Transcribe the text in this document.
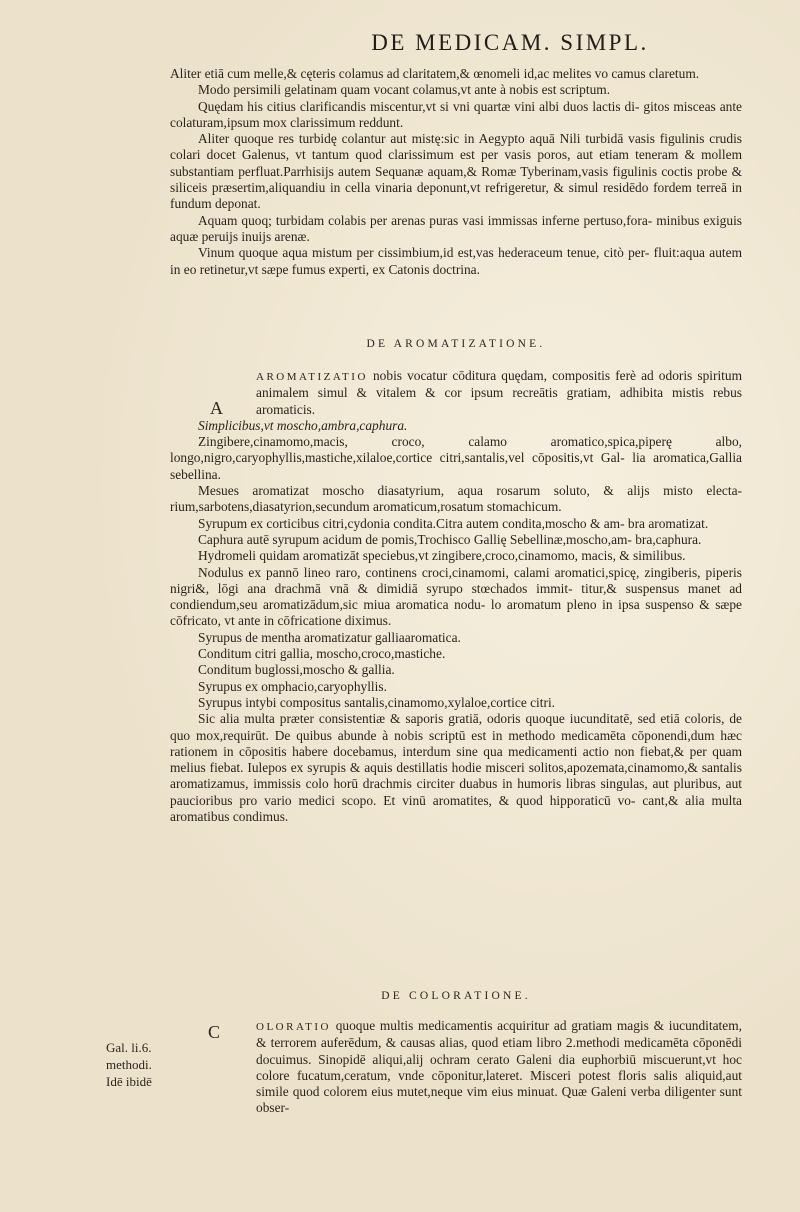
DE MEDICAM. SIMPL.

Aliter etiā cum melle,& cęteris colamus ad claritatem,& œnomeli id,ac melites vo camus claretum.

Modo persimili gelatinam quam vocant colamus,vt ante à nobis est scriptum.

Quędam his citius clarificandis miscentur,vt si vni quartæ vini albi duos lactis di- gitos misceas ante colaturam,ipsum mox clarissimum reddunt.

Aliter quoque res turbidę colantur aut mistę:sic in Aegypto aquā Nili turbidā vasis figulinis crudis colari docet Galenus, vt tantum quod clarissimum est per vasis poros, aut etiam teneram & mollem substantiam perfluat.Parrhisijs autem Sequanæ aquam,& Romæ Tyberinam,vasis figulinis coctis probe & siliceis præsertim,aliquandiu in cella vinaria deponunt,vt refrigeretur, & simul residēdo fordem terreā in fundum deponat.

Aquam quoq; turbidam colabis per arenas puras vasi immissas inferne pertuso,fora- minibus exiguis aquæ peruijs inuijs arenæ.

Vinum quoque aqua mistum per cissimbium,id est,vas hederaceum tenue, citò per- fluit:aqua autem in eo retinetur,vt sæpe fumus experti, ex Catonis doctrina.

DE AROMATIZATIONE.
A

AROMATIZATIO nobis vocatur cōditura quędam, compositis ferè ad odoris spiritum animalem simul & vitalem & cor ipsum recreātis gratiam, adhibita mistis rebus aromaticis.

Simplicibus,vt moscho,ambra,caphura.

Zingibere,cinamomo,macis, croco, calamo aromatico,spica,piperę albo, longo,nigro,caryophyllis,mastiche,xilaloe,cortice citri,santalis,vel cōpositis,vt Gal- lia aromatica,Gallia sebellina.

Mesues aromatizat moscho diasatyrium, aqua rosarum soluto, & alijs misto electa- rium,sarbotens,diasatyrion,secundum aromaticum,rosatum stomachicum.

Syrupum ex corticibus citri,cydonia condita.Citra autem condita,moscho & am- bra aromatizat.

Caphura autē syrupum acidum de pomis,Trochisco Gallię Sebellinæ,moscho,am- bra,caphura.

Hydromeli quidam aromatizāt speciebus,vt zingibere,croco,cinamomo, macis, & similibus.

Nodulus ex pannō lineo raro, continens croci,cinamomi, calami aromatici,spicę, zingiberis, piperis nigri&, lōgi ana drachmā vnā & dimidiā syrupo stœchados immit- titur,& suspensus manet ad condiendum,seu aromatizādum,sic miua aromatica nodu- lo aromatum pleno in ipsa suspenso & sæpe cōfricato, vt ante in cōfricatione diximus.

Syrupus de mentha aromatizatur galliaaromatica.

Conditum citri gallia, moscho,croco,mastiche.

Conditum buglossi,moscho & gallia.

Syrupus ex omphacio,caryophyllis.

Syrupus intybi compositus santalis,cinamomo,xylaloe,cortice citri.

Sic alia multa præter consistentiæ & saporis gratiā, odoris quoque iucunditatē, sed etiā coloris, de quo mox,requirūt. De quibus abunde à nobis scriptū est in methodo medicamēta cōponendi,dum hæc rationem in cōpositis habere docebamus, interdum sine qua medicamenti actio non fiebat,& per quam melius fiebat. Iulepos ex syrupis & aquis destillatis hodie misceri solitos,apozemata,cinamomo,& santalis aromatizamus, immissis colo horū drachmis circiter duabus in humoris libras singulas, aut pluribus, aut paucioribus pro vario medici scopo. Et vinū aromatites, & quod hipporaticū vo- cant,& alia multa aromatibus condimus.

DE COLORATIONE.
C	OLORATIO quoque multis medicamentis acquiritur ad gratiam magis & iucunditatem, & terrorem auferēdum, & causas alias, quod etiam libro 2.methodi medicamēta cōponēdi docuimus. Sinopidē aliqui,alij ochram cerato Galeni dia euphorbiū miscuerunt,vt hoc colore fucatum,ceratum, vnde cōponitur,lateret. Misceri potest floris salis aliquid,aut simile quod colorem eius mutet,neque vim eius minuat. Quæ Galeni verba diligenter sunt obser-

Gal. li.6.
methodi.
Idē ibidē
